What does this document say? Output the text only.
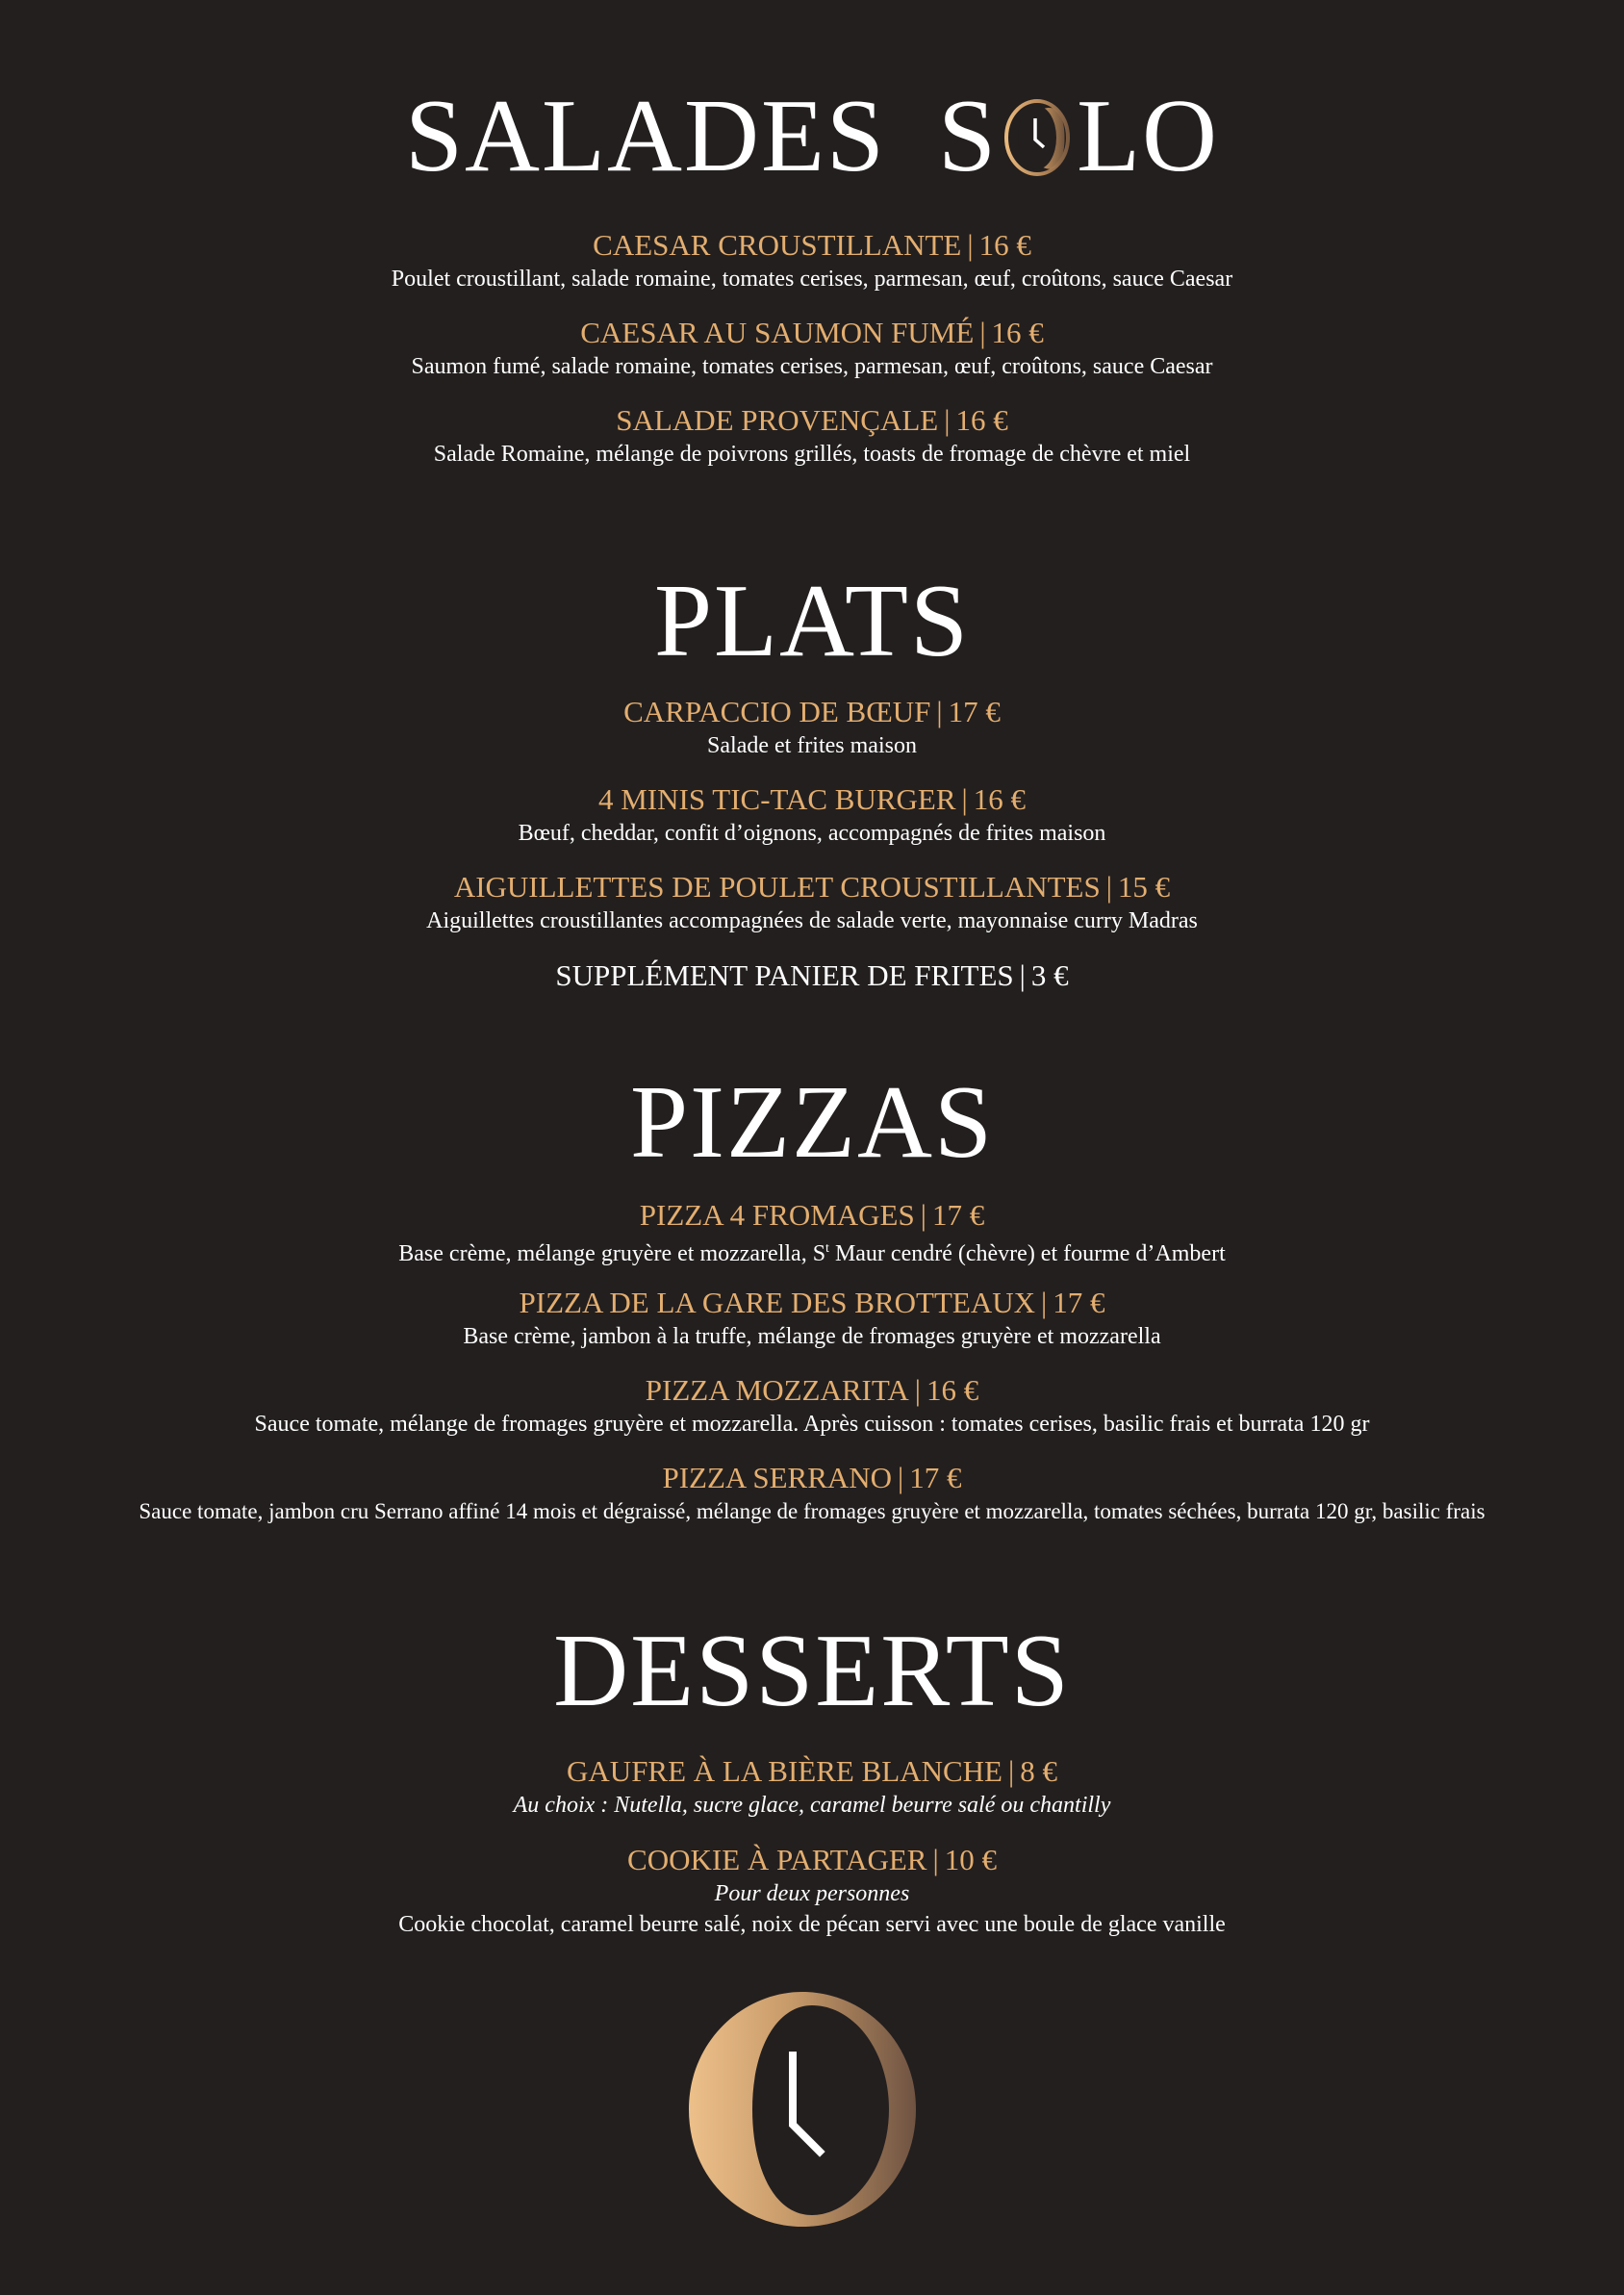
SALADES S LO
CAESAR CROUSTILLANTE | 16 €
Poulet croustillant, salade romaine, tomates cerises, parmesan, œuf, croûtons, sauce Caesar
CAESAR AU SAUMON FUMÉ | 16 €
Saumon fumé, salade romaine, tomates cerises, parmesan, œuf, croûtons, sauce Caesar
SALADE PROVENÇALE | 16 €
Salade Romaine, mélange de poivrons grillés, toasts de fromage de chèvre et miel
PLATS
CARPACCIO DE BŒUF | 17 €
Salade et frites maison
4 MINIS TIC-TAC BURGER | 16 €
Bœuf, cheddar, confit d’oignons, accompagnés de frites maison
AIGUILLETTES DE POULET CROUSTILLANTES | 15 €
Aiguillettes croustillantes accompagnées de salade verte, mayonnaise curry Madras
SUPPLÉMENT PANIER DE FRITES | 3 €
PIZZAS
PIZZA 4 FROMAGES | 17 €
Base crème, mélange gruyère et mozzarella, $S^t$ Maur cendré (chèvre) et fourme d’Ambert
PIZZA DE LA GARE DES BROTTEAUX | 17 €
Base crème, jambon à la truffe, mélange de fromages gruyère et mozzarella
PIZZA MOZZARITA | 16 €
Sauce tomate, mélange de fromages gruyère et mozzarella. Après cuisson : tomates cerises, basilic frais et burrata 120 gr
PIZZA SERRANO | 17 €
Sauce tomate, jambon cru Serrano affiné 14 mois et dégraissé, mélange de fromages gruyère et mozzarella, tomates séchées, burrata 120 gr, basilic frais
DESSERTS
GAUFRE À LA BIÈRE BLANCHE | 8 €
Au choix : Nutella, sucre glace, caramel beurre salé ou chantilly
COOKIE À PARTAGER | 10 €
Pour deux personnes
Cookie chocolat, caramel beurre salé, noix de pécan servi avec une boule de glace vanille
